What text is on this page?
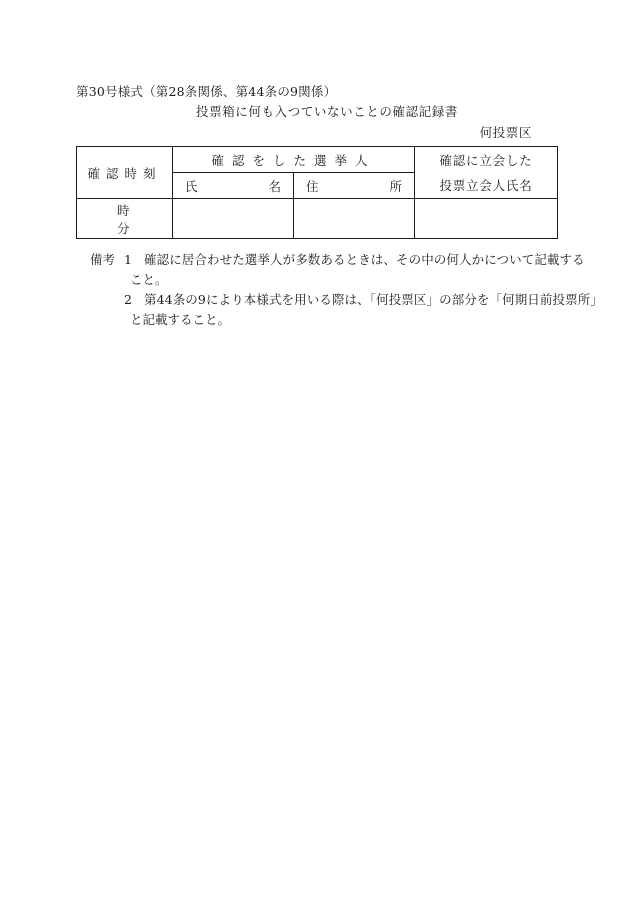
第30号様式（第28条関係、第44条の9関係）
投票箱に何も入つていないことの確認記録書
何投票区
確認時刻	確認をした選挙人		確認に立会した

	氏 名	住 所	投票立会人氏名
時分			
備考 1 確認に居合わせた選挙人が多数あるときは、その中の何人かについて記載する
こと。
2 第44条の9により本様式を用いる際は、「何投票区」の部分を「何期日前投票所」
と記載すること。
